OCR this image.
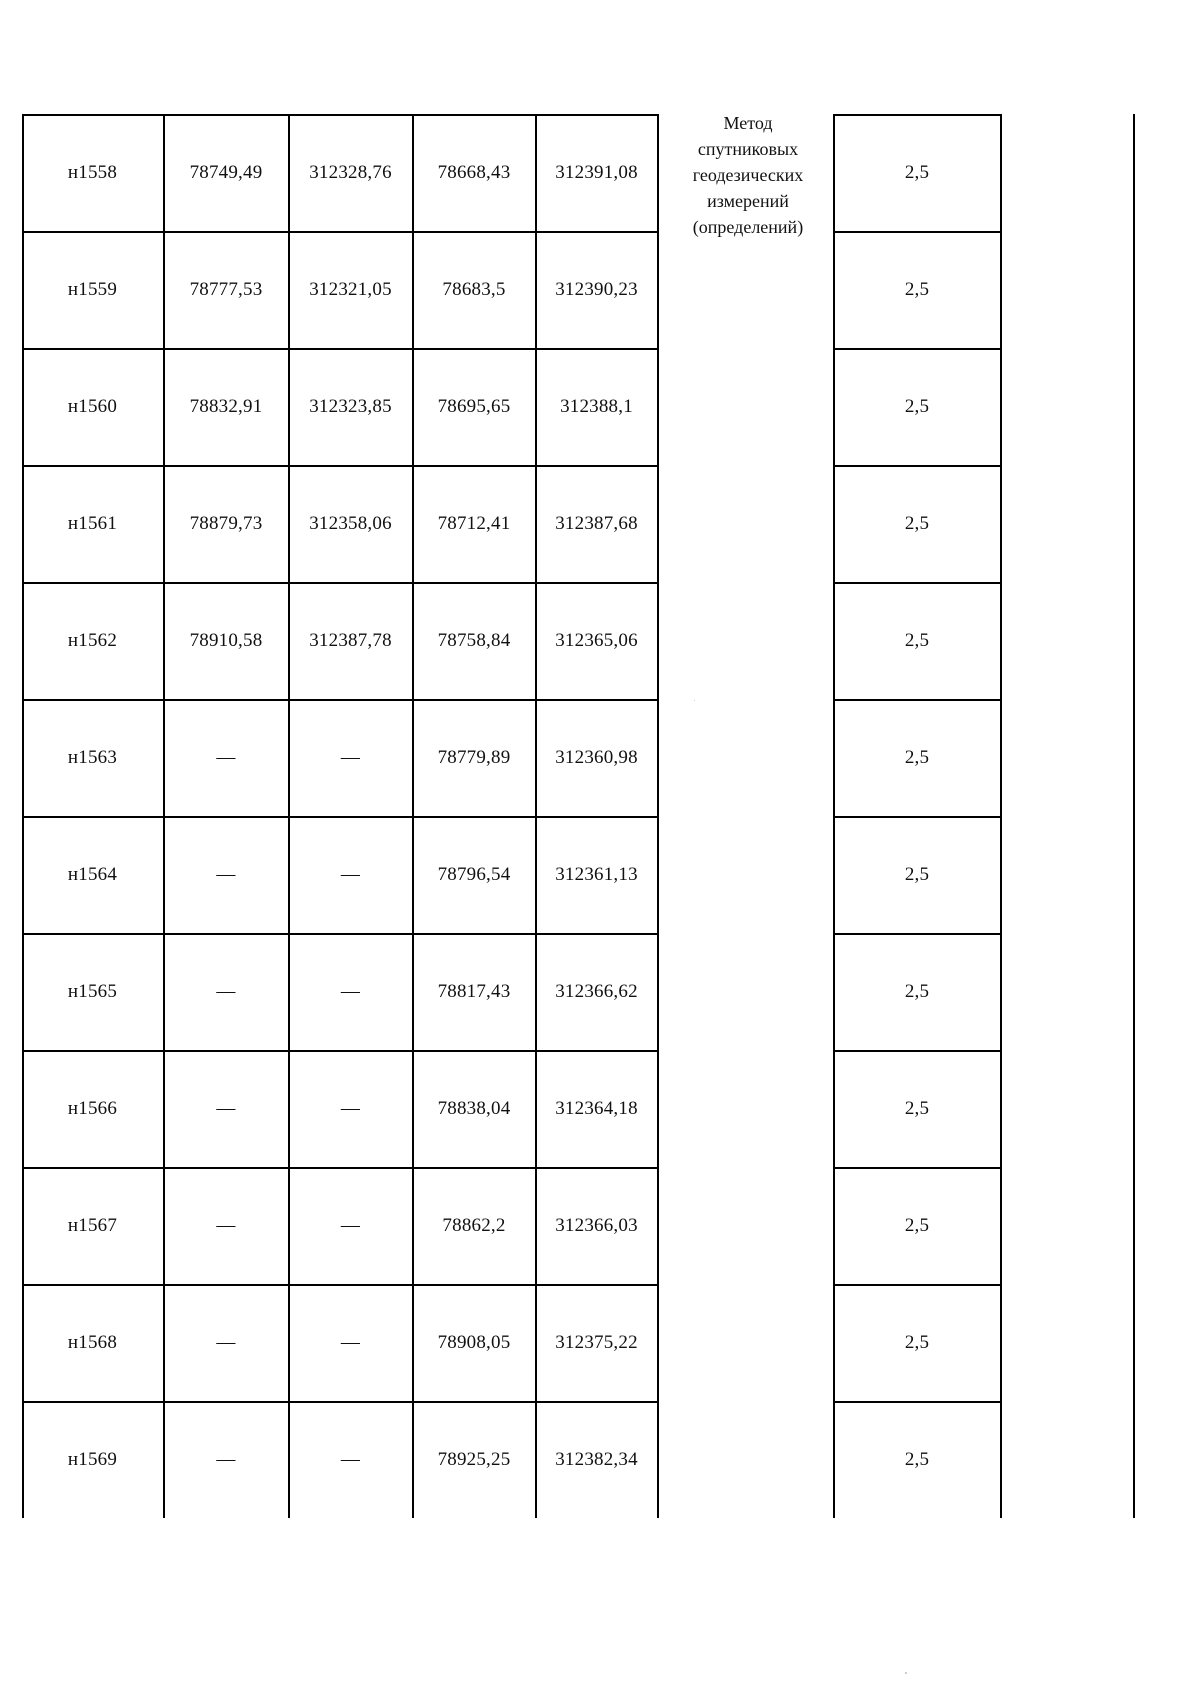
н1558	78749,49	312328,76	78668,43	312391,08	2,5
н1559	78777,53	312321,05	78683,5	312390,23	2,5
н1560	78832,91	312323,85	78695,65	312388,1	2,5
н1561	78879,73	312358,06	78712,41	312387,68	2,5
н1562	78910,58	312387,78	78758,84	312365,06	2,5
н1563	—	—	78779,89	312360,98	2,5
н1564	—	—	78796,54	312361,13	2,5
н1565	—	—	78817,43	312366,62	2,5
н1566	—	—	78838,04	312364,18	2,5
н1567	—	—	78862,2	312366,03	2,5
н1568	—	—	78908,05	312375,22	2,5
н1569	—	—	78925,25	312382,34	2,5
Метод
спутниковых
геодезических
измерений
(определений)
